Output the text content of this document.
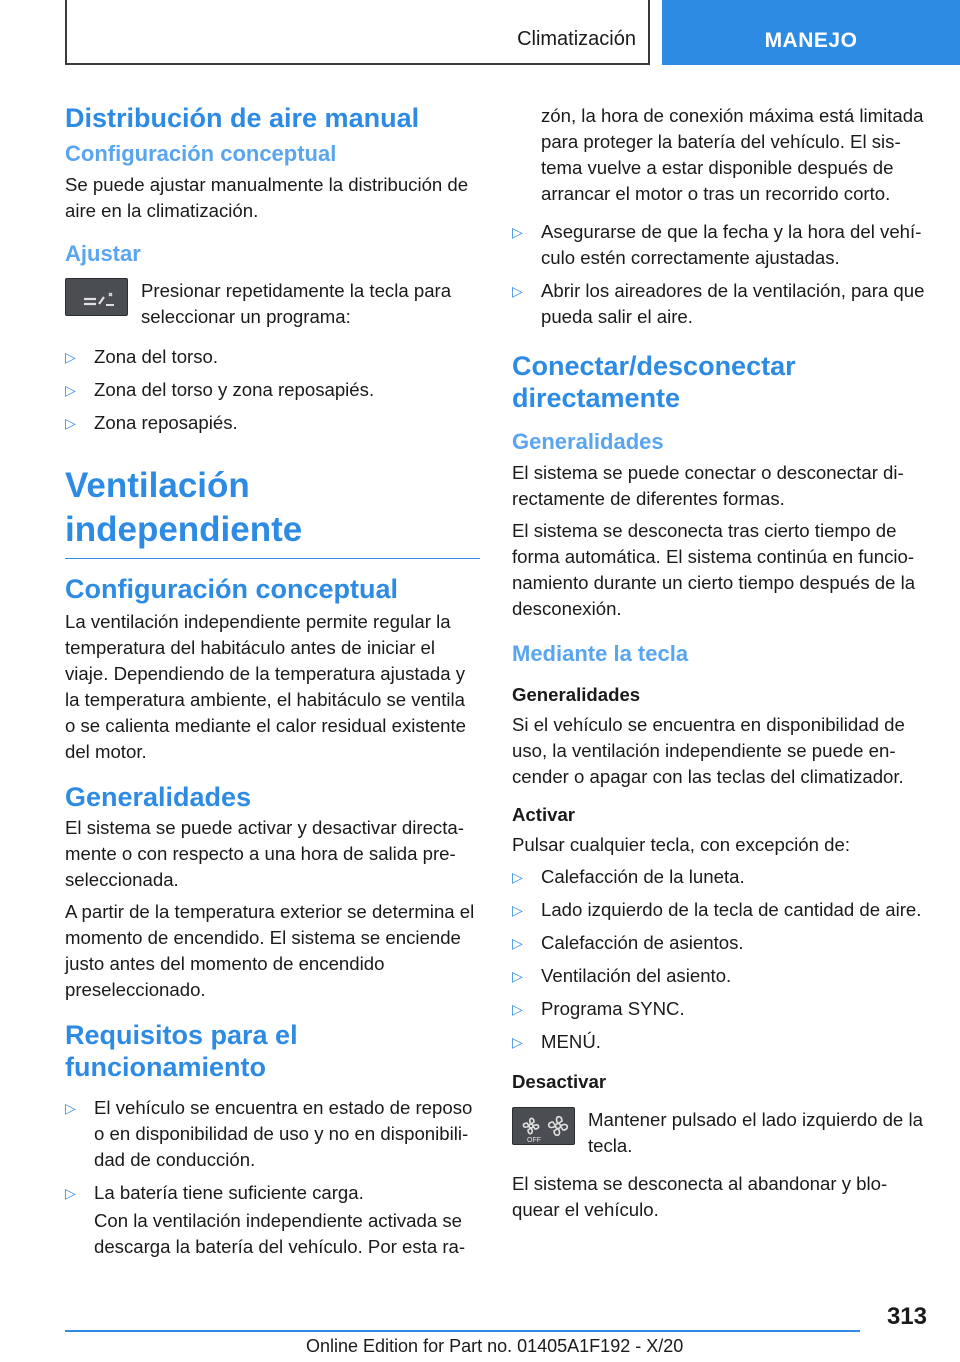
Climatización	MANEJO
Distribución de aire manual
Configuración conceptual

Se puede ajustar manualmente la distribución de aire en la climatización.

Ajustar
Presionar repetidamente la tecla para seleccionar un programa:
▷ Zona del torso.
▷ Zona del torso y zona reposapiés.
▷ Zona reposapiés.
Ventilación independiente
Configuración conceptual

La ventilación independiente permite regular la temperatura del habitáculo antes de iniciar el viaje. Dependiendo de la temperatura ajustada y la temperatura ambiente, el habitáculo se ventila o se calienta mediante el calor residual existente del motor.

Generalidades

El sistema se puede activar y desactivar directamente o con respecto a una hora de salida preseleccionada.

A partir de la temperatura exterior se determina el momento de encendido. El sistema se enciende justo antes del momento de encendido preseleccionado.

Requisitos para el funcionamiento
▷ El vehículo se encuentra en estado de reposo o en disponibilidad de uso y no en disponibilidad de conducción.
▷ La batería tiene suficiente carga.

Con la ventilación independiente activada se descarga la batería del vehículo. Por esta ra-

zón, la hora de conexión máxima está limitada para proteger la batería del vehículo. El sistema vuelve a estar disponible después de arrancar el motor o tras un recorrido corto.

▷ Asegurarse de que la fecha y la hora del vehículo estén correctamente ajustadas.
▷ Abrir los aireadores de la ventilación, para que pueda salir el aire.
Conectar/desconectar directamente
Generalidades

El sistema se puede conectar o desconectar directamente de diferentes formas.

El sistema se desconecta tras cierto tiempo de forma automática. El sistema continúa en funcionamiento durante un cierto tiempo después de la desconexión.

Mediante la tecla
Generalidades

Si el vehículo se encuentra en disponibilidad de uso, la ventilación independiente se puede encender o apagar con las teclas del climatizador.

Activar

Pulsar cualquier tecla, con excepción de:

▷ Calefacción de la luneta.
▷ Lado izquierdo de la tecla de cantidad de aire.
▷ Calefacción de asientos.
▷ Ventilación del asiento.
▷ Programa SYNC.
▷ MENÚ.
Desactivar
OFF
Mantener pulsado el lado izquierdo de la tecla.

El sistema se desconecta al abandonar y bloquear el vehículo.

313
Online Edition for Part no. 01405A1F192 - X/20
